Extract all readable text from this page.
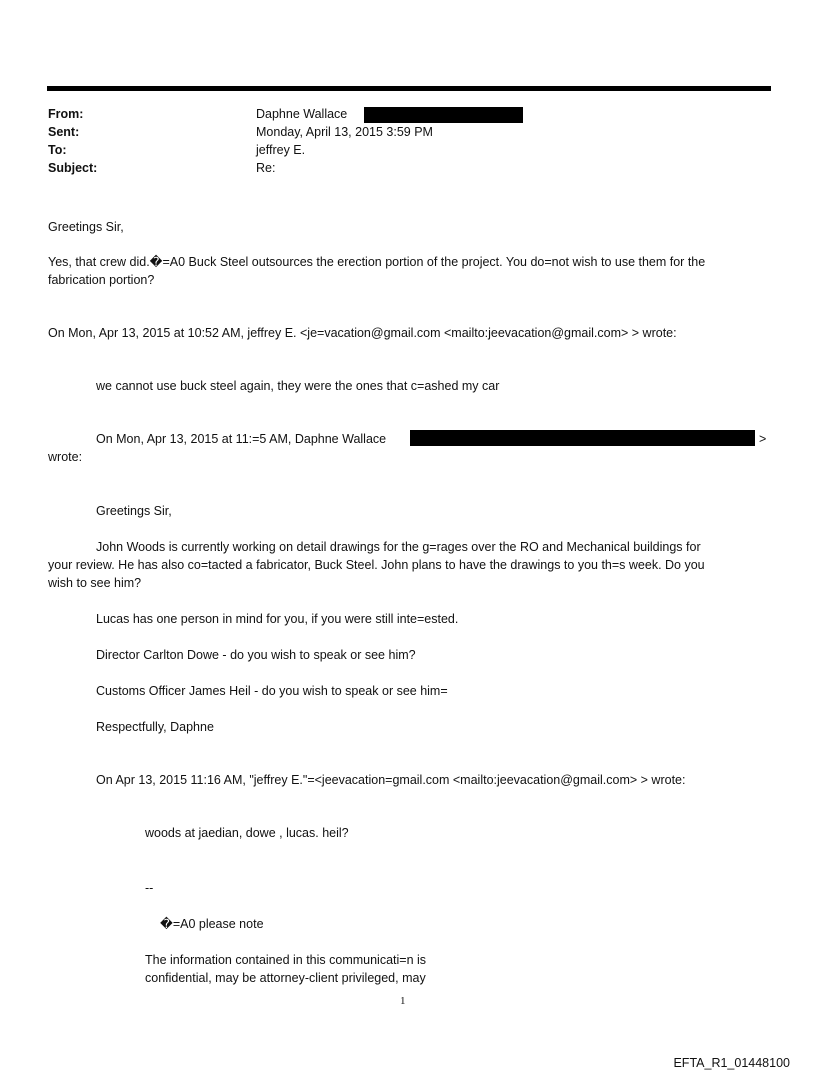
From:	Daphne Wallace
Sent:	Monday, April 13, 2015 3:59 PM
To:	jeffrey E.
Subject:	Re:
Greetings Sir,
Yes, that crew did.�=A0 Buck Steel outsources the erection portion of the project. You do=not wish to use them for the
fabrication portion?
On Mon, Apr 13, 2015 at 10:52 AM, jeffrey E. <je=vacation@gmail.com <mailto:jeevacation@gmail.com> > wrote:
we cannot use buck steel again, they were the ones that c=ashed my car
On Mon, Apr 13, 2015 at 11:=5 AM, Daphne Wallace	>
wrote:
Greetings Sir,
John Woods is currently working on detail drawings for the g=rages over the RO and Mechanical buildings for
your review. He has also co=tacted a fabricator, Buck Steel. John plans to have the drawings to you th=s week. Do you
wish to see him?
Lucas has one person in mind for you, if you were still inte=ested.
Director Carlton Dowe - do you wish to speak or see him?
Customs Officer James Heil - do you wish to speak or see him=
Respectfully, Daphne
On Apr 13, 2015 11:16 AM, "jeffrey E."=<jeevacation=gmail.com <mailto:jeevacation@gmail.com> > wrote:
woods at jaedian, dowe , lucas. heil?
--
�=A0 please note
The information contained in this communicati=n is
confidential, may be attorney-client privileged, may
1
EFTA_R1_01448100
